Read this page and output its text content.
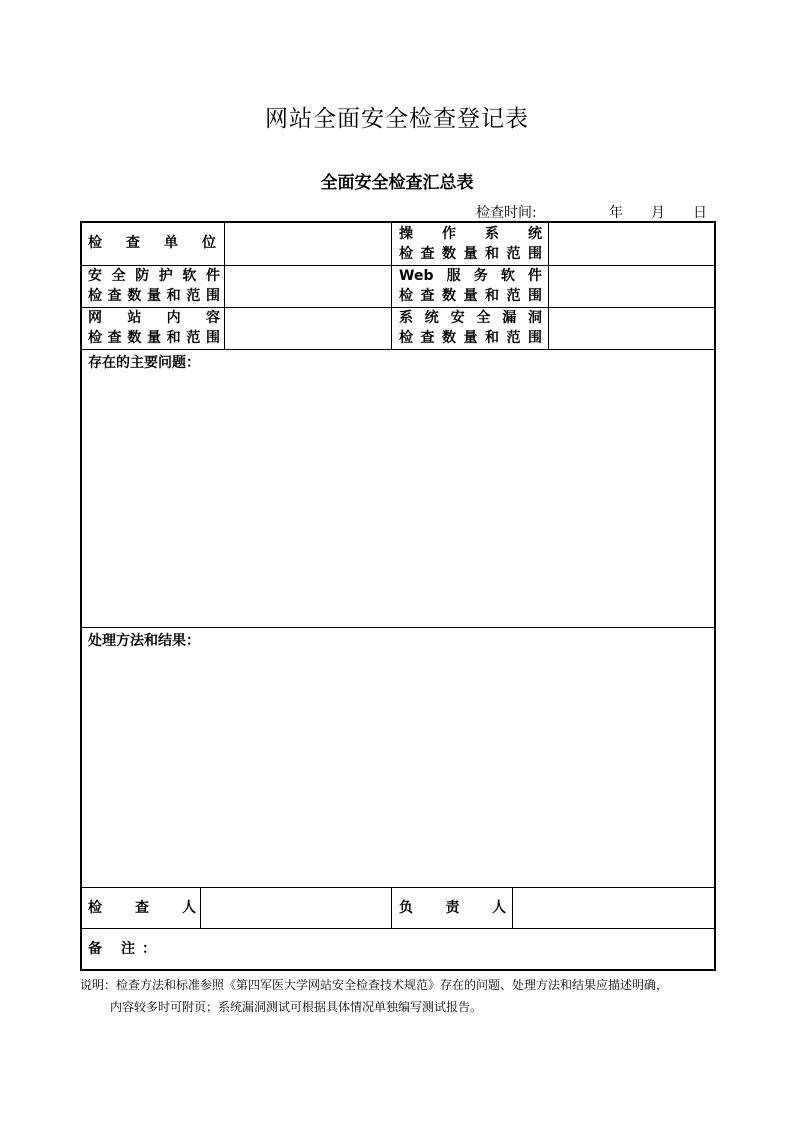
网站全面安全检查登记表
全面安全检查汇总表
检查时间:	年 月 日
检 查 单 位
操 作 系 统
检查数量和范围
安全防护软件
检查数量和范围
Web服务软件
检查数量和范围
网 站 内 容
检查数量和范围
系统安全漏洞
检查数量和范围
存在的主要问题：
处理方法和结果：
检 查 人	负 责 人
备 注：
说明：检查方法和标准参照《第四军医大学网站安全检查技术规范》存在的问题、处理方法和结果应描述明确，
内容较多时可附页；系统漏洞测试可根据具体情况单独编写测试报告。
